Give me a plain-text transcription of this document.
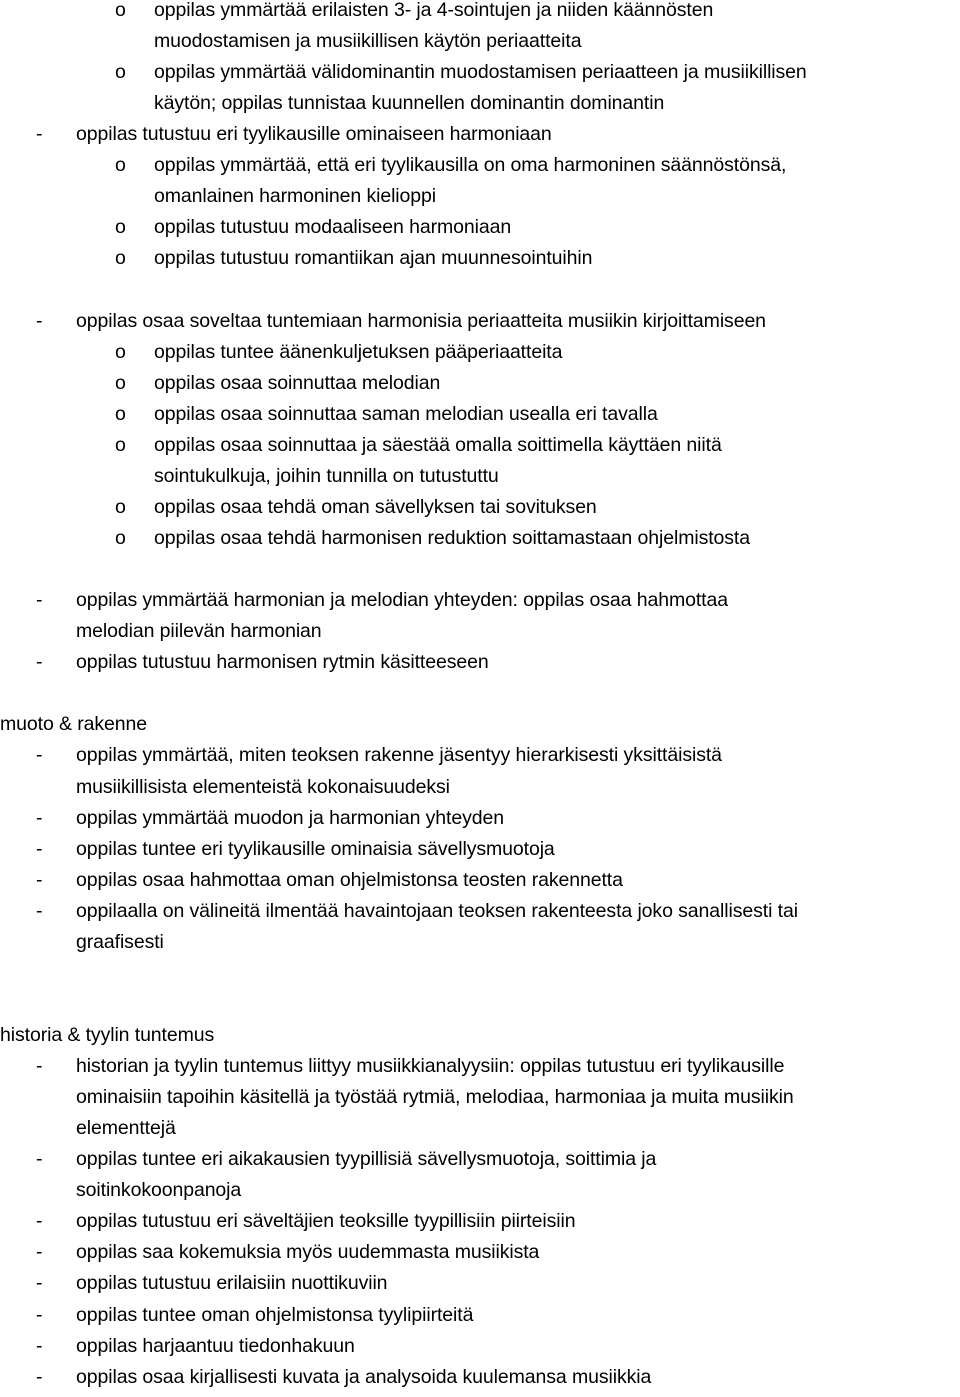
o oppilas ymmärtää erilaisten 3- ja 4-sointujen ja niiden käännösten
muodostamisen ja musiikillisen käytön periaatteita
o oppilas ymmärtää välidominantin muodostamisen periaatteen ja musiikillisen
käytön; oppilas tunnistaa kuunnellen dominantin dominantin
- oppilas tutustuu eri tyylikausille ominaiseen harmoniaan
o oppilas ymmärtää, että eri tyylikausilla on oma harmoninen säännöstönsä,
omanlainen harmoninen kielioppi
o oppilas tutustuu modaaliseen harmoniaan
o oppilas tutustuu romantiikan ajan muunnesointuihin
- oppilas osaa soveltaa tuntemiaan harmonisia periaatteita musiikin kirjoittamiseen
o oppilas tuntee äänenkuljetuksen pääperiaatteita
o oppilas osaa soinnuttaa melodian
o oppilas osaa soinnuttaa saman melodian usealla eri tavalla
o oppilas osaa soinnuttaa ja säestää omalla soittimella käyttäen niitä
sointukulkuja, joihin tunnilla on tutustuttu
o oppilas osaa tehdä oman sävellyksen tai sovituksen
o oppilas osaa tehdä harmonisen reduktion soittamastaan ohjelmistosta
- oppilas ymmärtää harmonian ja melodian yhteyden: oppilas osaa hahmottaa
melodian piilevän harmonian
- oppilas tutustuu harmonisen rytmin käsitteeseen
muoto & rakenne
- oppilas ymmärtää, miten teoksen rakenne jäsentyy hierarkisesti yksittäisistä
musiikillisista elementeistä kokonaisuudeksi
- oppilas ymmärtää muodon ja harmonian yhteyden
- oppilas tuntee eri tyylikausille ominaisia sävellysmuotoja
- oppilas osaa hahmottaa oman ohjelmistonsa teosten rakennetta
- oppilaalla on välineitä ilmentää havaintojaan teoksen rakenteesta joko sanallisesti tai
graafisesti
historia & tyylin tuntemus
- historian ja tyylin tuntemus liittyy musiikkianalyysiin: oppilas tutustuu eri tyylikausille
ominaisiin tapoihin käsitellä ja työstää rytmiä, melodiaa, harmoniaa ja muita musiikin
elementtejä
- oppilas tuntee eri aikakausien tyypillisiä sävellysmuotoja, soittimia ja
soitinkokoonpanoja
- oppilas tutustuu eri säveltäjien teoksille tyypillisiin piirteisiin
- oppilas saa kokemuksia myös uudemmasta musiikista
- oppilas tutustuu erilaisiin nuottikuviin
- oppilas tuntee oman ohjelmistonsa tyylipiirteitä
- oppilas harjaantuu tiedonhakuun
- oppilas osaa kirjallisesti kuvata ja analysoida kuulemansa musiikkia
